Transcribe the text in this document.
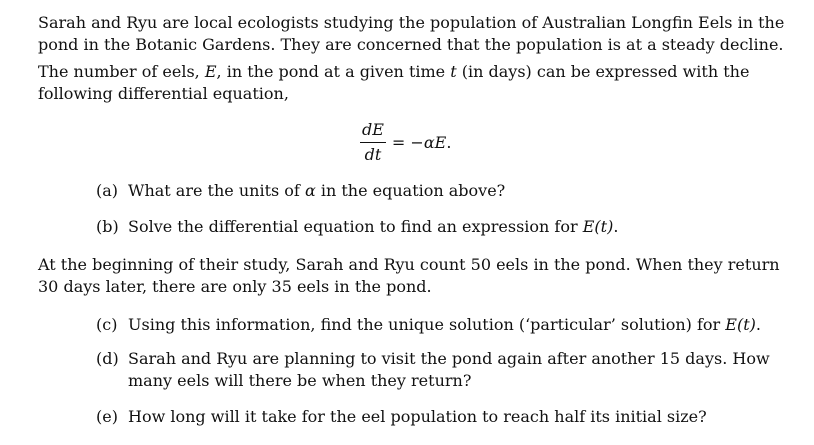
Sarah and Ryu are local ecologists studying the population of Australian Longfin Eels in the pond in the Botanic Gardens. They are concerned that the population is at a steady decline.

The number of eels, E, in the pond at a given time t (in days) can be expressed with the following differential equation,

$\frac{dE}{dt} = -\alpha E$.
(a) What are the units of α in the equation above?
(b) Solve the differential equation to find an expression for E(t).

At the beginning of their study, Sarah and Ryu count 50 eels in the pond. When they return 30 days later, there are only 35 eels in the pond.

(c) Using this information, find the unique solution (‘particular’ solution) for E(t).
(d) Sarah and Ryu are planning to visit the pond again after another 15 days. How many eels will there be when they return?
(e) How long will it take for the eel population to reach half its initial size?
